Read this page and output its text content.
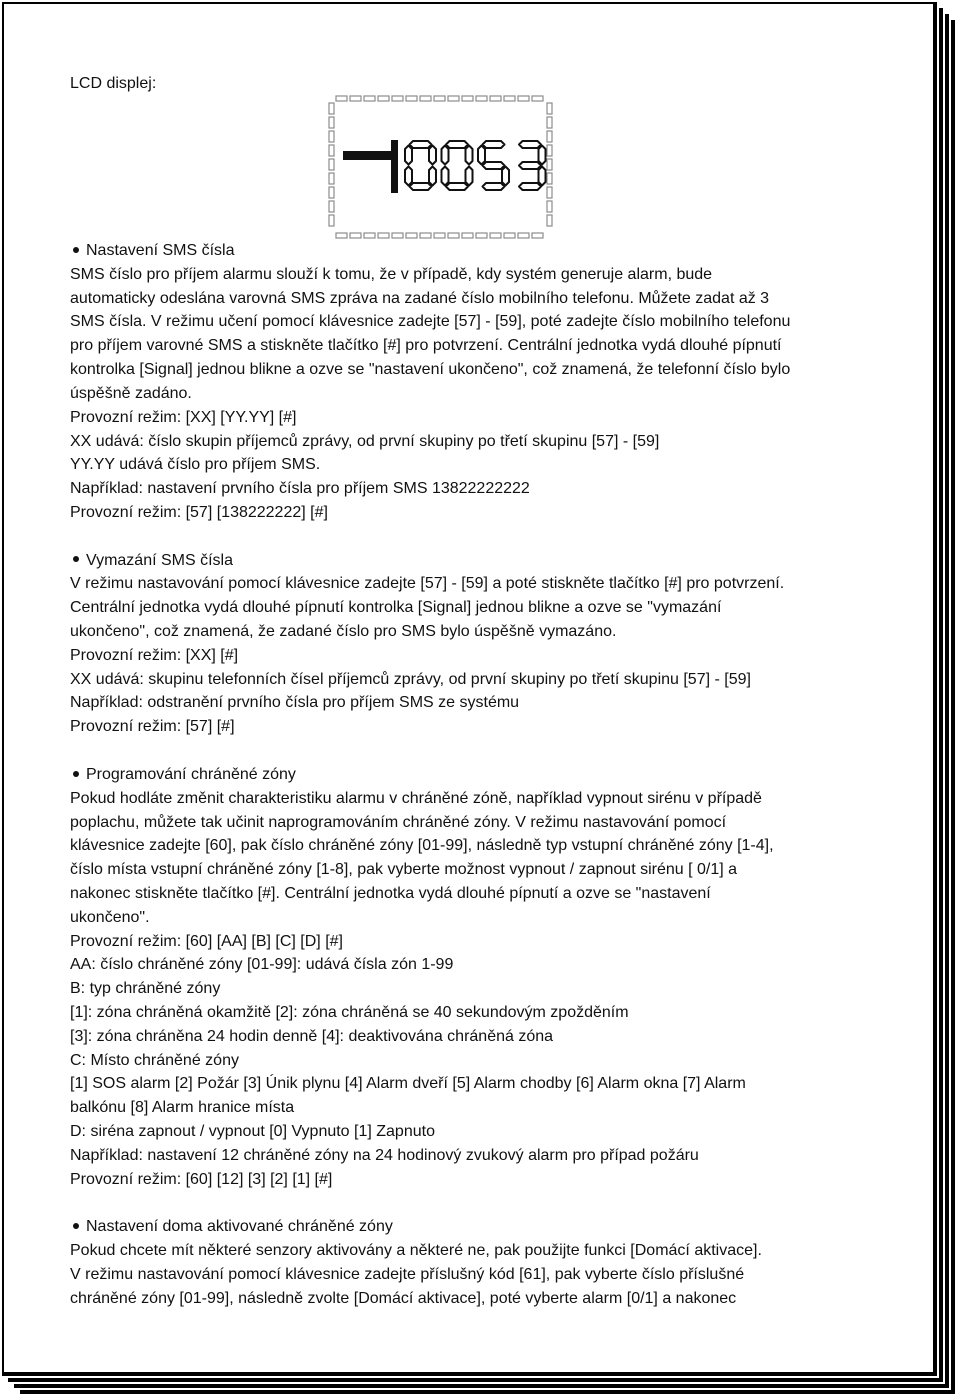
LCD displej:
Nastavení SMS čísla
SMS číslo pro příjem alarmu slouží k tomu, že v případě, kdy systém generuje alarm, bude
automaticky odeslána varovná SMS zpráva na zadané číslo mobilního telefonu. Můžete zadat až 3
SMS čísla. V režimu učení pomocí klávesnice zadejte [57] - [59], poté zadejte číslo mobilního telefonu
pro příjem varovné SMS a stiskněte tlačítko [#] pro potvrzení. Centrální jednotka vydá dlouhé pípnutí
kontrolka [Signal] jednou blikne a ozve se "nastavení ukončeno", což znamená, že telefonní číslo bylo
úspěšně zadáno.
Provozní režim: [XX] [YY.YY] [#]
XX udává: číslo skupin příjemců zprávy, od první skupiny po třetí skupinu [57] - [59]
YY.YY udává číslo pro příjem SMS.
Například: nastavení prvního čísla pro příjem SMS 13822222222
Provozní režim: [57] [138222222] [#]
Vymazání SMS čísla
V režimu nastavování pomocí klávesnice zadejte [57] - [59] a poté stiskněte tlačítko [#] pro potvrzení.
Centrální jednotka vydá dlouhé pípnutí kontrolka [Signal] jednou blikne a ozve se "vymazání
ukončeno", což znamená, že zadané číslo pro SMS bylo úspěšně vymazáno.
Provozní režim: [XX] [#]
XX udává: skupinu telefonních čísel příjemců zprávy, od první skupiny po třetí skupinu [57] - [59]
Například: odstranění prvního čísla pro příjem SMS ze systému
Provozní režim: [57] [#]
Programování chráněné zóny
Pokud hodláte změnit charakteristiku alarmu v chráněné zóně, například vypnout sirénu v případě
poplachu, můžete tak učinit naprogramováním chráněné zóny. V režimu nastavování pomocí
klávesnice zadejte [60], pak číslo chráněné zóny [01-99], následně typ vstupní chráněné zóny [1-4],
číslo místa vstupní chráněné zóny [1-8], pak vyberte možnost vypnout / zapnout sirénu [ 0/1] a
nakonec stiskněte tlačítko [#]. Centrální jednotka vydá dlouhé pípnutí a ozve se "nastavení
ukončeno".
Provozní režim: [60] [AA] [B] [C] [D] [#]
AA: číslo chráněné zóny [01-99]: udává čísla zón 1-99
B: typ chráněné zóny
[1]: zóna chráněná okamžitě [2]: zóna chráněná se 40 sekundovým zpožděním
[3]: zóna chráněna 24 hodin denně [4]: deaktivována chráněná zóna
C: Místo chráněné zóny
[1] SOS alarm [2] Požár [3] Únik plynu [4] Alarm dveří [5] Alarm chodby [6] Alarm okna [7] Alarm
balkónu [8] Alarm hranice místa
D: siréna zapnout / vypnout [0] Vypnuto [1] Zapnuto
Například: nastavení 12 chráněné zóny na 24 hodinový zvukový alarm pro případ požáru
Provozní režim: [60] [12] [3] [2] [1] [#]
Nastavení doma aktivované chráněné zóny
Pokud chcete mít některé senzory aktivovány a některé ne, pak použijte funkci [Domácí aktivace].
V režimu nastavování pomocí klávesnice zadejte příslušný kód [61], pak vyberte číslo příslušné
chráněné zóny [01-99], následně zvolte [Domácí aktivace], poté vyberte alarm [0/1] a nakonec
